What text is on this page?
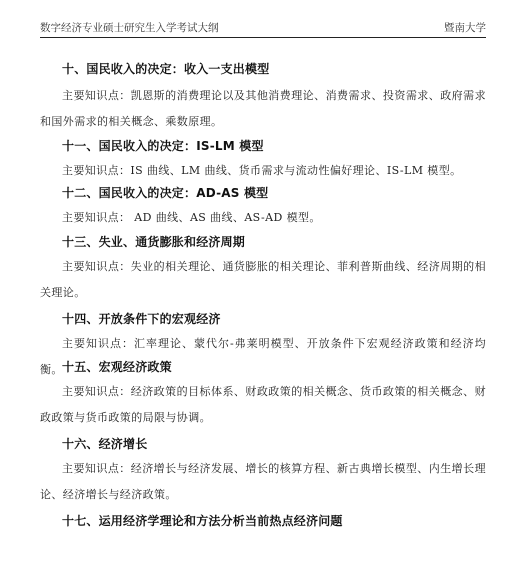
数字经济专业硕士研究生入学考试大纲	暨南大学
十、国民收入的决定：收入一支出模型

主要知识点：凯恩斯的消费理论以及其他消费理论、消费需求、投资需求、政府需求和国外需求的相关概念、乘数原理。

十一、国民收入的决定：IS-LM 模型

主要知识点：IS 曲线、LM 曲线、货币需求与流动性偏好理论、IS-LM 模型。

十二、国民收入的决定：AD-AS 模型

主要知识点： AD 曲线、AS 曲线、AS-AD 模型。

十三、失业、通货膨胀和经济周期

主要知识点：失业的相关理论、通货膨胀的相关理论、菲利普斯曲线、经济周期的相关理论。

十四、开放条件下的宏观经济

主要知识点：汇率理论、蒙代尔-弗莱明模型、开放条件下宏观经济政策和经济均衡。 十五、宏观经济政策

主要知识点：经济政策的目标体系、财政政策的相关概念、货币政策的相关概念、财政政策与货币政策的局限与协调。

十六、经济增长

主要知识点：经济增长与经济发展、增长的核算方程、新古典增长模型、内生增长理论、经济增长与经济政策。

十七、运用经济学理论和方法分析当前热点经济问题
